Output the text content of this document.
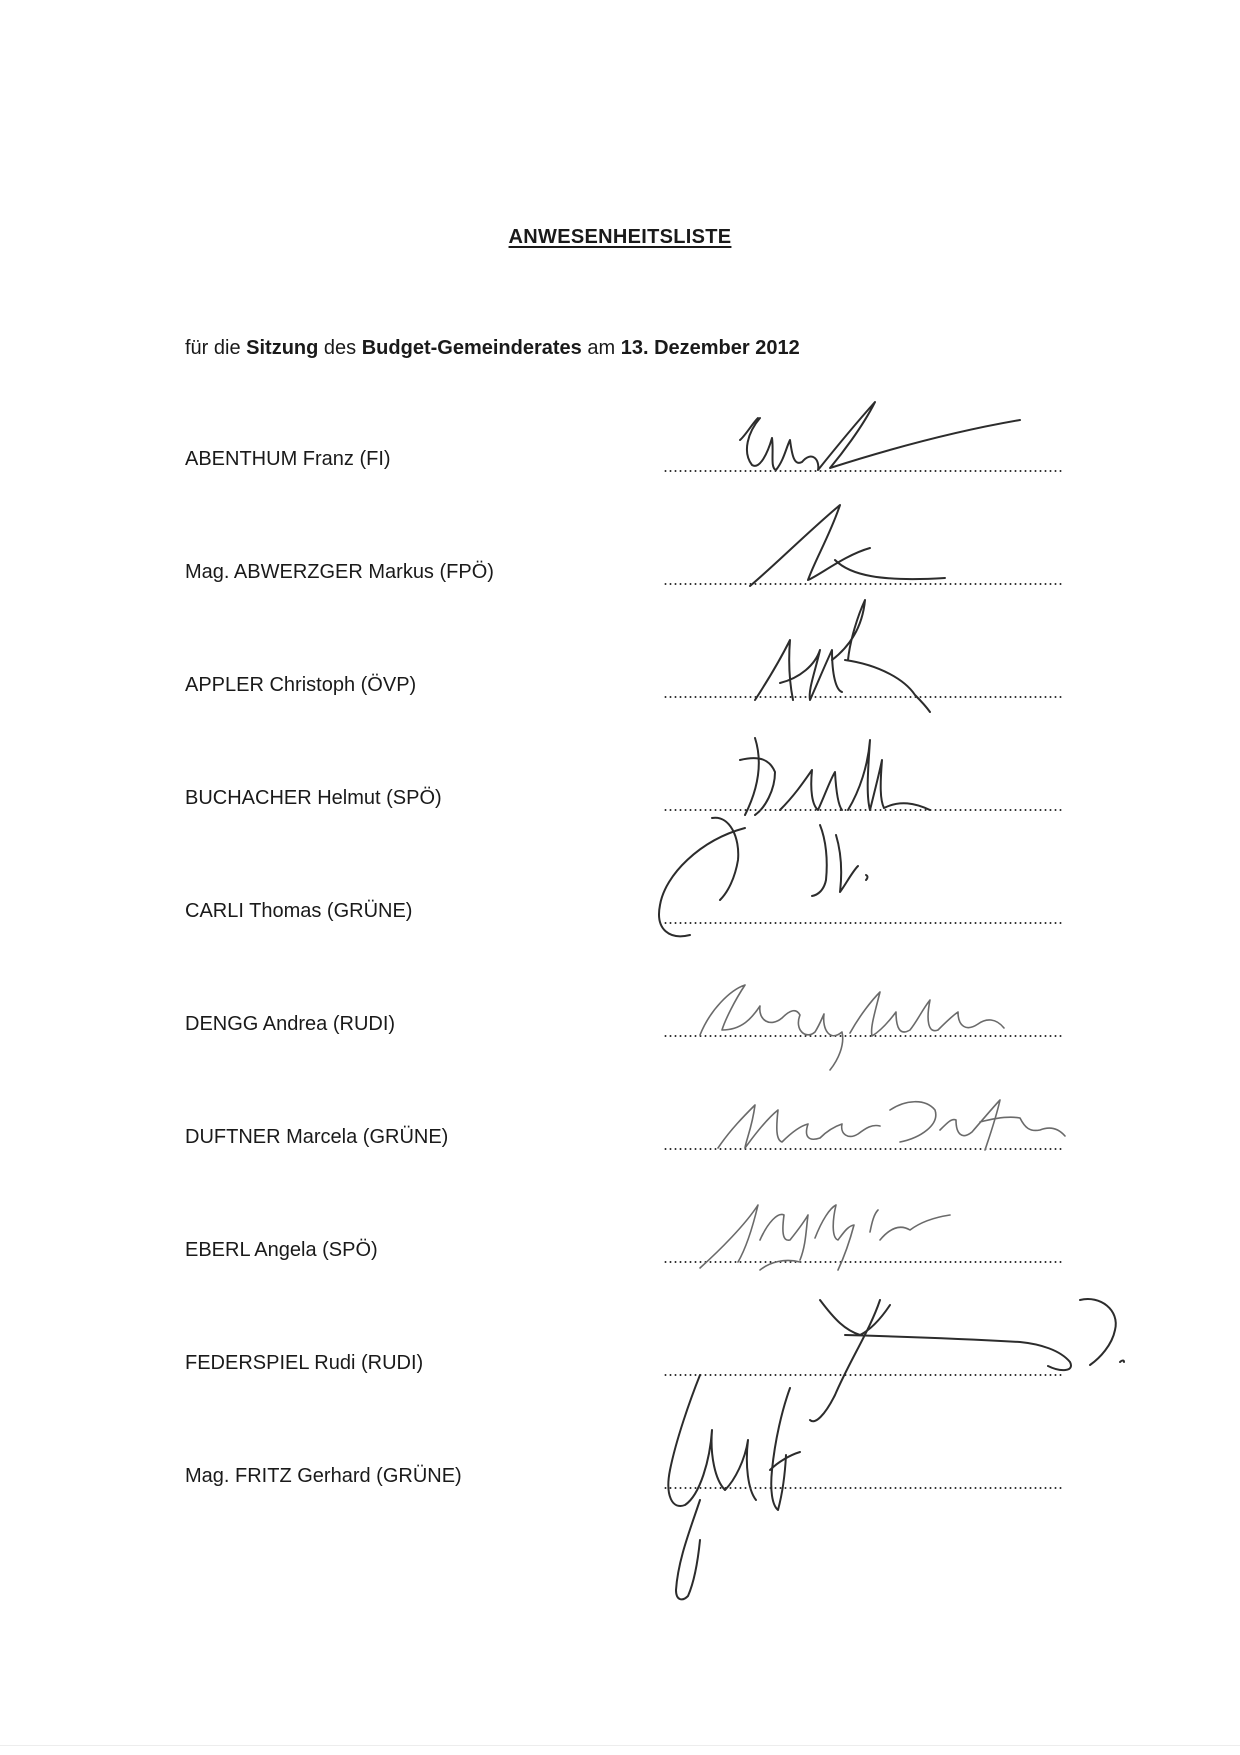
ANWESENHEITSLISTE
für die Sitzung des Budget-Gemeinderates am 13. Dezember 2012
ABENTHUM Franz (FI)
Mag. ABWERZGER Markus (FPÖ)
APPLER Christoph (ÖVP)
BUCHACHER Helmut (SPÖ)
CARLI Thomas (GRÜNE)
DENGG Andrea (RUDI)
DUFTNER Marcela (GRÜNE)
EBERL Angela (SPÖ)
FEDERSPIEL Rudi (RUDI)
Mag. FRITZ Gerhard (GRÜNE)
